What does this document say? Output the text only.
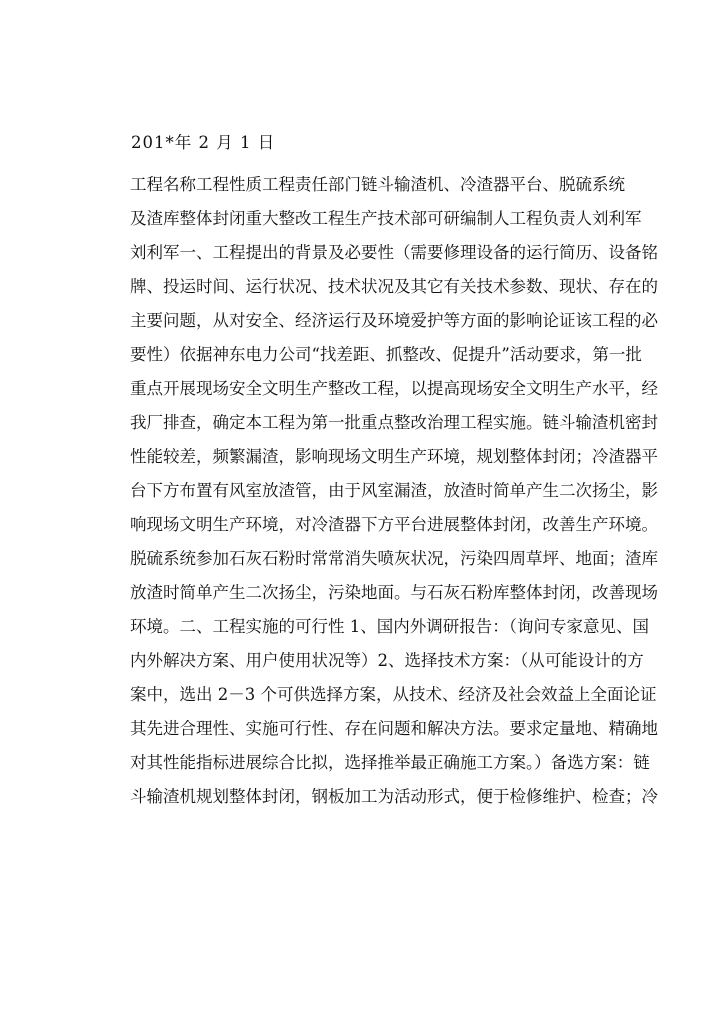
201*年 2 月 1 日
工程名称工程性质工程责任部门链斗输渣机、冷渣器平台、脱硫系统
及渣库整体封闭重大整改工程生产技术部可研编制人工程负责人刘利军
刘利军一、工程提出的背景及必要性（需要修理设备的运行简历、设备铭
牌、投运时间、运行状况、技术状况及其它有关技术参数、现状、存在的
主要问题，从对安全、经济运行及环境爱护等方面的影响论证该工程的必
要性）依据神东电力公司“找差距、抓整改、促提升”活动要求，第一批
重点开展现场安全文明生产整改工程，以提高现场安全文明生产水平，经
我厂排查，确定本工程为第一批重点整改治理工程实施。链斗输渣机密封
性能较差，频繁漏渣，影响现场文明生产环境，规划整体封闭；冷渣器平
台下方布置有风室放渣管，由于风室漏渣，放渣时简单产生二次扬尘，影
响现场文明生产环境，对冷渣器下方平台进展整体封闭，改善生产环境。
脱硫系统参加石灰石粉时常常消失喷灰状况，污染四周草坪、地面；渣库
放渣时简单产生二次扬尘，污染地面。与石灰石粉库整体封闭，改善现场
环境。二、工程实施的可行性 1、国内外调研报告：（询问专家意见、国
内外解决方案、用户使用状况等）2、选择技术方案：（从可能设计的方
案中，选出 2－3 个可供选择方案，从技术、经济及社会效益上全面论证
其先进合理性、实施可行性、存在问题和解决方法。要求定量地、精确地
对其性能指标进展综合比拟，选择推举最正确施工方案。）备选方案：链
斗输渣机规划整体封闭，钢板加工为活动形式，便于检修维护、检查；冷
